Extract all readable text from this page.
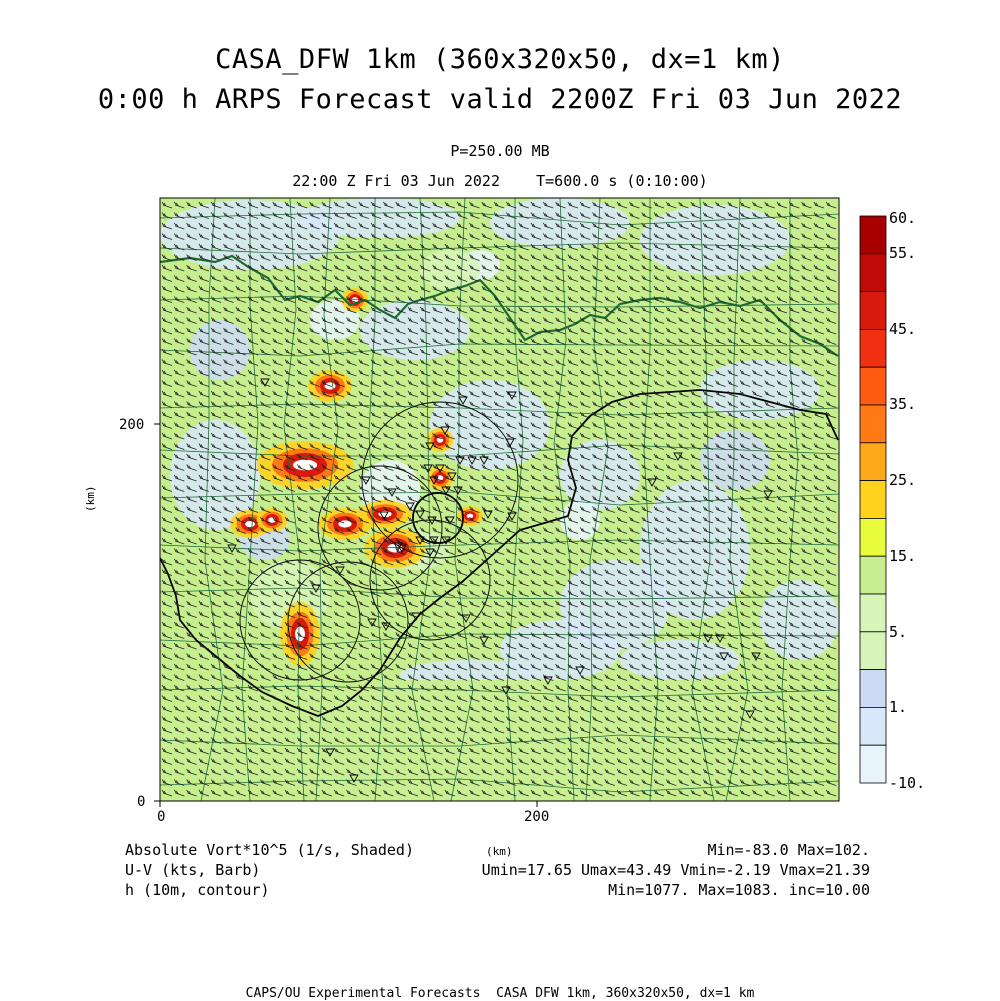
CASA_DFW 1km (360x320x50, dx=1 km)
0:00 h ARPS Forecast valid 2200Z Fri 03 Jun 2022
P=250.00 MB
22:00 Z Fri 03 Jun 2022    T=600.0 s (0:10:00)
0	200
0
200
(km)
(km)
60.
55.
45.
35.
25.
15.
5.
1.
-10.
Absolute Vort*10^5 (1/s, Shaded)
U-V (kts, Barb)
h (10m, contour)
Min=-83.0 Max=102.
Umin=17.65 Umax=43.49 Vmin=-2.19 Vmax=21.39
Min=1077. Max=1083. inc=10.00
CAPS/OU Experimental Forecasts  CASA DFW 1km, 360x320x50, dx=1 km
